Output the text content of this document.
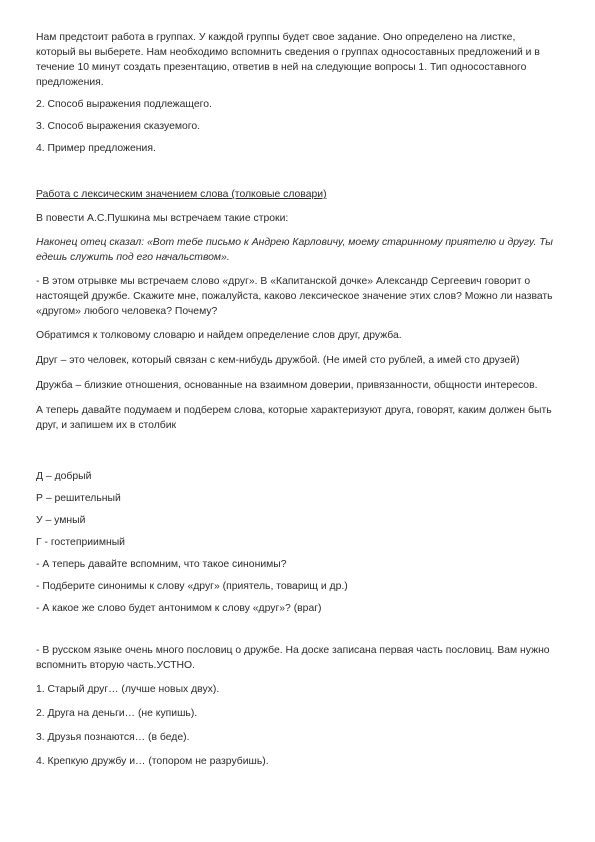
Нам предстоит работа в группах. У каждой группы будет свое задание. Оно определено на листке, который вы выберете. Нам необходимо вспомнить сведения о группах односоставных предложений и в течение 10 минут создать презентацию, ответив в ней на следующие вопросы 1. Тип односоставного предложения.

2. Способ выражения подлежащего.

3. Способ выражения сказуемого.

4. Пример предложения.

Работа с лексическим значением слова (толковые словари)

В повести А.С.Пушкина мы встречаем такие строки:

Наконец отец сказал: «Вот тебе письмо к Андрею Карловичу, моему старинному приятелю и другу. Ты едешь служить под его начальством».

- В этом отрывке мы встречаем слово «друг». В «Капитанской дочке» Александр Сергеевич говорит о настоящей дружбе. Скажите мне, пожалуйста, каково лексическое значение этих слов? Можно ли назвать «другом» любого человека? Почему?

Обратимся к толковому словарю и найдем определение слов друг, дружба.

Друг – это человек, который связан с кем-нибудь дружбой. (Не имей сто рублей, а имей сто друзей)

Дружба – близкие отношения, основанные на взаимном доверии, привязанности, общности интересов.

А теперь давайте подумаем и подберем слова, которые характеризуют друга, говорят, каким должен быть друг, и запишем их в столбик

Д – добрый

Р – решительный

У – умный

Г - гостеприимный

- А теперь давайте вспомним, что такое синонимы?

- Подберите синонимы к слову «друг» (приятель, товарищ и др.)

- А какое же слово будет антонимом к слову «друг»? (враг)

- В русском языке очень много пословиц о дружбе. На доске записана первая часть пословиц. Вам нужно вспомнить вторую часть.УСТНО.

1. Старый друг… (лучше новых двух).

2. Друга на деньги… (не купишь).

3. Друзья познаются… (в беде).

4. Крепкую дружбу и… (топором не разрубишь).
